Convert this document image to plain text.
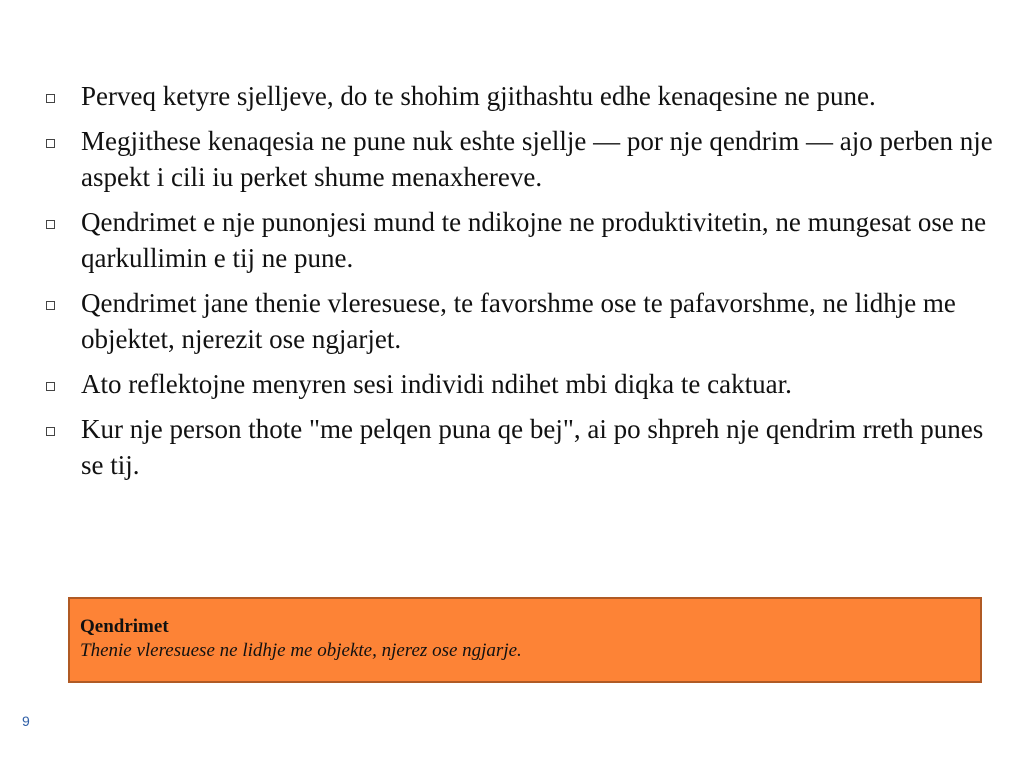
Perveq ketyre sjelljeve, do te shohim gjithashtu edhe kenaqesine ne pune.
Megjithese kenaqesia ne pune nuk eshte sjellje — por nje qendrim — ajo perben nje aspekt i cili iu perket shume menaxhereve.
Qendrimet e nje punonjesi mund te ndikojne ne produktivitetin, ne mungesat ose ne qarkullimin e tij ne pune.
Qendrimet jane thenie vleresuese, te favorshme ose te pafavorshme, ne lidhje me objektet, njerezit ose ngjarjet.
Ato reflektojne menyren sesi individi ndihet mbi diqka te caktuar.
Kur nje person thote "me pelqen puna qe bej", ai po shpreh nje qendrim rreth punes se tij.
Qendrimet
Thenie vleresuese ne lidhje me objekte, njerez ose ngjarje.
9
